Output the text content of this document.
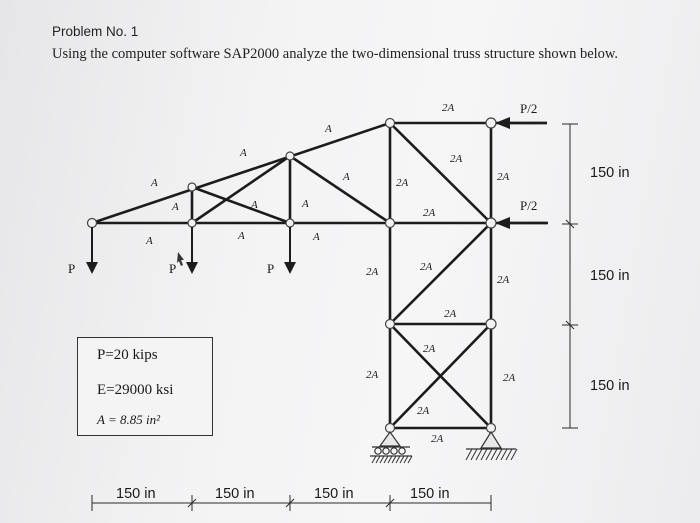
Problem No. 1
Using the computer software SAP2000 analyze the two-dimensional truss structure shown below.
A
A
A
A
A	A	A
A	A	A
2A
2A
2A
2A
2A
2A	2A
2A
2A
2A
2A	2A
2A
2A
P	P	P
P/2
P/2
150 in
150 in
150 in
150 in	150 in	150 in	150 in
P=20 kips
E=29000 ksi
A = 8.85 in²
